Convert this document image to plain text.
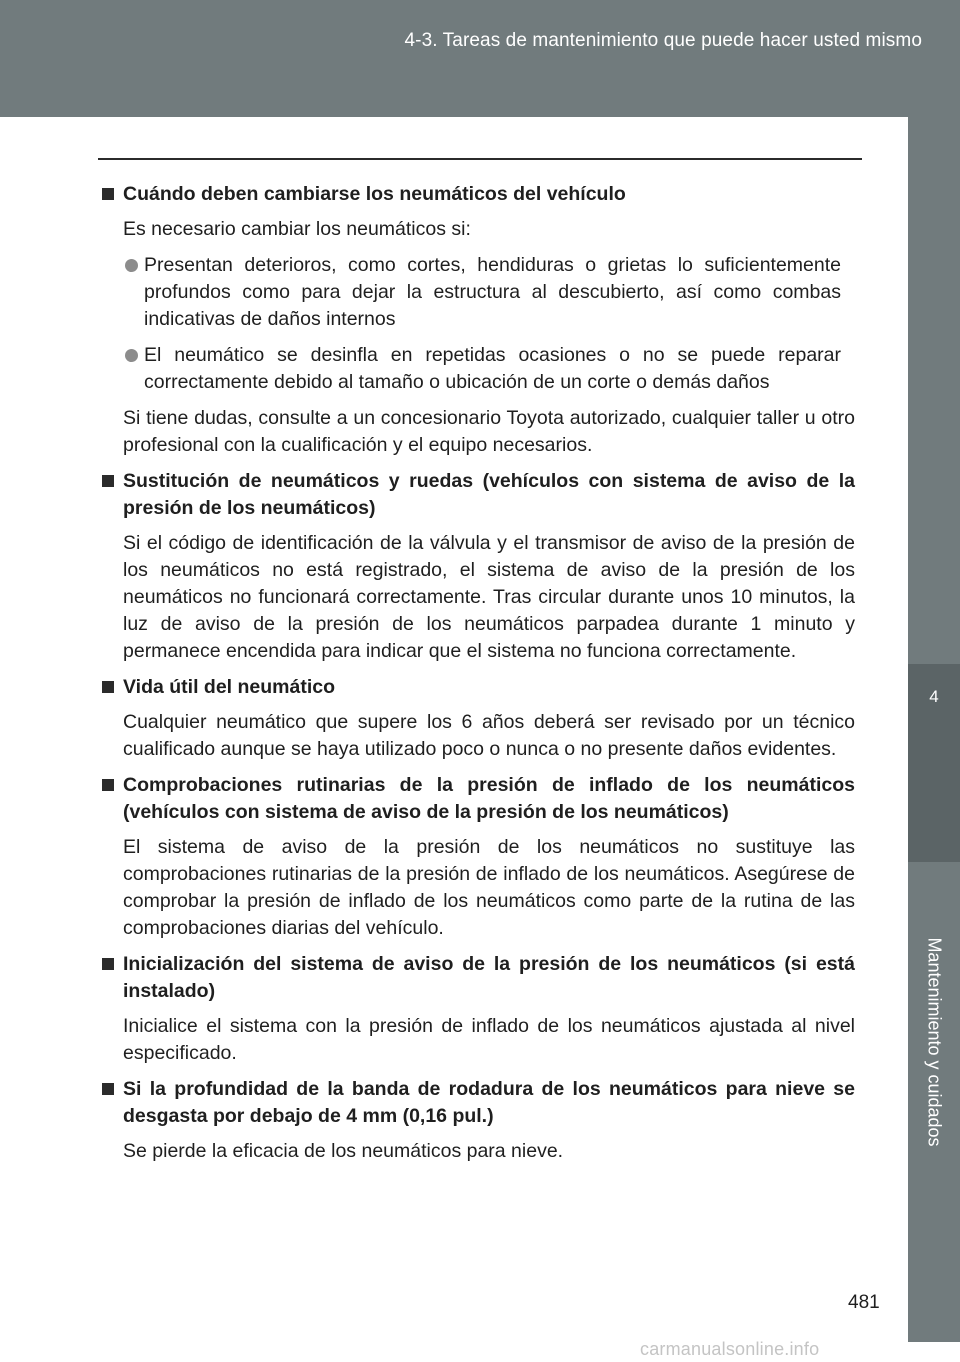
4-3. Tareas de mantenimiento que puede hacer usted mismo
4
Mantenimiento y cuidados
Cuándo deben cambiarse los neumáticos del vehículo
Es necesario cambiar los neumáticos si:
Presentan deterioros, como cortes, hendiduras o grietas lo suficientemente profundos como para dejar la estructura al descubierto, así como combas indicativas de daños internos
El neumático se desinfla en repetidas ocasiones o no se puede reparar correctamente debido al tamaño o ubicación de un corte o demás daños
Si tiene dudas, consulte a un concesionario Toyota autorizado, cualquier taller u otro profesional con la cualificación y el equipo necesarios.
Sustitución de neumáticos y ruedas (vehículos con sistema de aviso de la presión de los neumáticos)
Si el código de identificación de la válvula y el transmisor de aviso de la presión de los neumáticos no está registrado, el sistema de aviso de la presión de los neumáticos no funcionará correctamente. Tras circular durante unos 10 minutos, la luz de aviso de la presión de los neumáticos parpadea durante 1 minuto y permanece encendida para indicar que el sistema no funciona correctamente.
Vida útil del neumático
Cualquier neumático que supere los 6 años deberá ser revisado por un técnico cualificado aunque se haya utilizado poco o nunca o no presente daños evidentes.
Comprobaciones rutinarias de la presión de inflado de los neumáticos (vehículos con sistema de aviso de la presión de los neumáticos)
El sistema de aviso de la presión de los neumáticos no sustituye las comprobaciones rutinarias de la presión de inflado de los neumáticos. Asegúrese de comprobar la presión de inflado de los neumáticos como parte de la rutina de las comprobaciones diarias del vehículo.
Inicialización del sistema de aviso de la presión de los neumáticos (si está instalado)
Inicialice el sistema con la presión de inflado de los neumáticos ajustada al nivel especificado.
Si la profundidad de la banda de rodadura de los neumáticos para nieve se desgasta por debajo de 4 mm (0,16 pul.)
Se pierde la eficacia de los neumáticos para nieve.
481
carmanualsonline.info
